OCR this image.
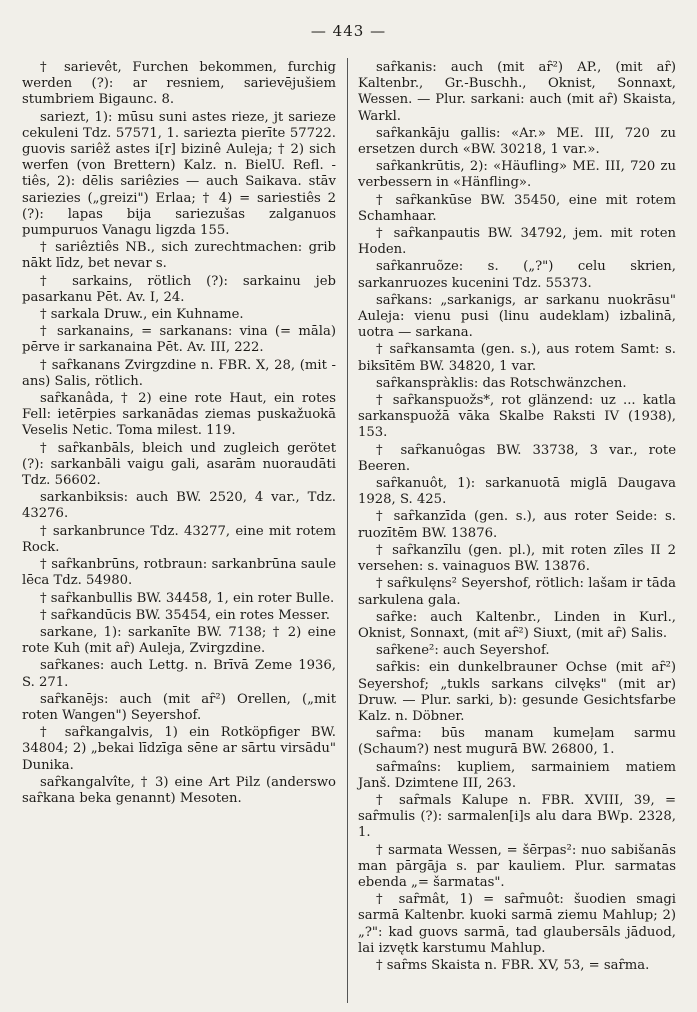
— 443 —

† sarievêt, Furchen bekommen, furchig werden (?): ar resniem, sarievējušiem stumbriem Bigaunc. 8.

sariezt, 1): mūsu suni astes rieze, jt sarieze cekuleni Tdz. 57571, 1. sariezta pierīte 57722. guovis sariêž astes i[r] bizinê Auleja; † 2) sich werfen (von Brettern) Kalz. n. BielU. Refl. -tiês, 2): dēlis sariêzies — auch Saikava. stāv sariezies („greizi") Erlaa; † 4) = sariestiês 2 (?): lapas bija sariezušas zalganuos pumpuruos Vanagu ligzda 155.

† sariêztiês NB., sich zurechtmachen: grib nākt līdz, bet nevar s.

† sarkains, rötlich (?): sarkainu jeb pasarkanu Pēt. Av. I, 24.

† sarkala Druw., ein Kuhname.

† sarkanains, = sarkanans: vina (= māla) pērve ir sarkanaina Pēt. Av. III, 222.

† saȓkanans Zvirgzdine n. FBR. X, 28, (mit -ans) Salis, rötlich.

saȓkanâda, † 2) eine rote Haut, ein rotes Fell: ietērpies sarkanādas ziemas puskažuokā Veselis Netic. Toma milest. 119.

† saȓkanbāls, bleich und zugleich gerötet (?): sarkanbāli vaigu gali, asarām nuoraudāti Tdz. 56602.

sarkanbiksis: auch BW. 2520, 4 var., Tdz. 43276.

† sarkanbrunce Tdz. 43277, eine mit rotem Rock.

† saȓkanbrūns, rotbraun: sarkanbrūna saule lēca Tdz. 54980.

† saȓkanbullis BW. 34458, 1, ein roter Bulle.

† saȓkandūcis BW. 35454, ein rotes Messer.

sarkane, 1): sarkanīte BW. 7138; † 2) eine rote Kuh (mit aȓ) Auleja, Zvirgzdine.

saȓkanes: auch Lettg. n. Brīvā Zeme 1936, S. 271.

saȓkanējs: auch (mit aȓ²) Orellen, („mit roten Wangen") Seyershof.

† saȓkangalvis, 1) ein Rotköpfiger BW. 34804; 2) „bekai līdzīga sēne ar sārtu virsādu" Dunika.

saȓkangalvîte, † 3) eine Art Pilz (anderswo saȓkana beka genannt) Mesoten.

saȓkanis: auch (mit aȓ²) AP., (mit aȓ) Kaltenbr., Gr.-Buschh., Oknist, Sonnaxt, Wessen. — Plur. sarkani: auch (mit aȓ) Skaista, Warkl.

saȓkankāju gallis: «Ar.» ME. III, 720 zu ersetzen durch «BW. 30218, 1 var.».

saȓkankrūtis, 2): «Häufling» ME. III, 720 zu verbessern in «Hänfling».

† saȓkankūse BW. 35450, eine mit rotem Schamhaar.

† saȓkanpautis BW. 34792, jem. mit roten Hoden.

saȓkanruõze: s. („?") celu skrien, sarkanruozes kucenini Tdz. 55373.

saȓkans: „sarkanigs, ar sarkanu nuokrāsu" Auleja: vienu pusi (linu audeklam) izbalinā, uotra — sarkana.

† saȓkansamta (gen. s.), aus rotem Samt: s. biksītēm BW. 34820, 1 var.

saȓkanspràklis: das Rotschwänzchen.

† saȓkanspuožs*, rot glänzend: uz ... katla sarkanspuožā vāka Skalbe Raksti IV (1938), 153.

† saȓkanuôgas BW. 33738, 3 var., rote Beeren.

saȓkanuôt, 1): sarkanuotā miglā Daugava 1928, S. 425.

† saȓkanzīda (gen. s.), aus roter Seide: s. ruozītēm BW. 13876.

† saȓkanzīlu (gen. pl.), mit roten zīles II 2 versehen: s. vainaguos BW. 13876.

† saȓkulęns² Seyershof, rötlich: lašam ir tāda sarkulena gala.

saȓke: auch Kaltenbr., Linden in Kurl., Oknist, Sonnaxt, (mit aȓ²) Siuxt, (mit aȓ) Salis.

saȓkene²: auch Seyershof.

saȓkis: ein dunkelbrauner Ochse (mit aȓ²) Seyershof; „tukls sarkans cilvęks" (mit ar) Druw. — Plur. sarki, b): gesunde Gesichtsfarbe Kalz. n. Döbner.

saȓma: būs manam kumeļam sarmu (Schaum?) nest mugurā BW. 26800, 1.

saȓmaîns: kupliem, sarmainiem matiem Janš. Dzimtene III, 263.

† saȓmals Kalupe n. FBR. XVIII, 39, = saȓmulis (?): sarmalen[i]s alu dara BWp. 2328, 1.

† sarmata Wessen, = šērpas²: nuo sabišanās man pārgāja s. par kauliem. Plur. sarmatas ebenda „= šarmatas".

† saȓmât, 1) = saȓmuôt: šuodien smagi sarmā Kaltenbr. kuoki sarmā ziemu Mahlup; 2) „?": kad guovs sarmā, tad glaubersāls jāduod, lai izvętk karstumu Mahlup.

† saȓms Skaista n. FBR. XV, 53, = saȓma.
